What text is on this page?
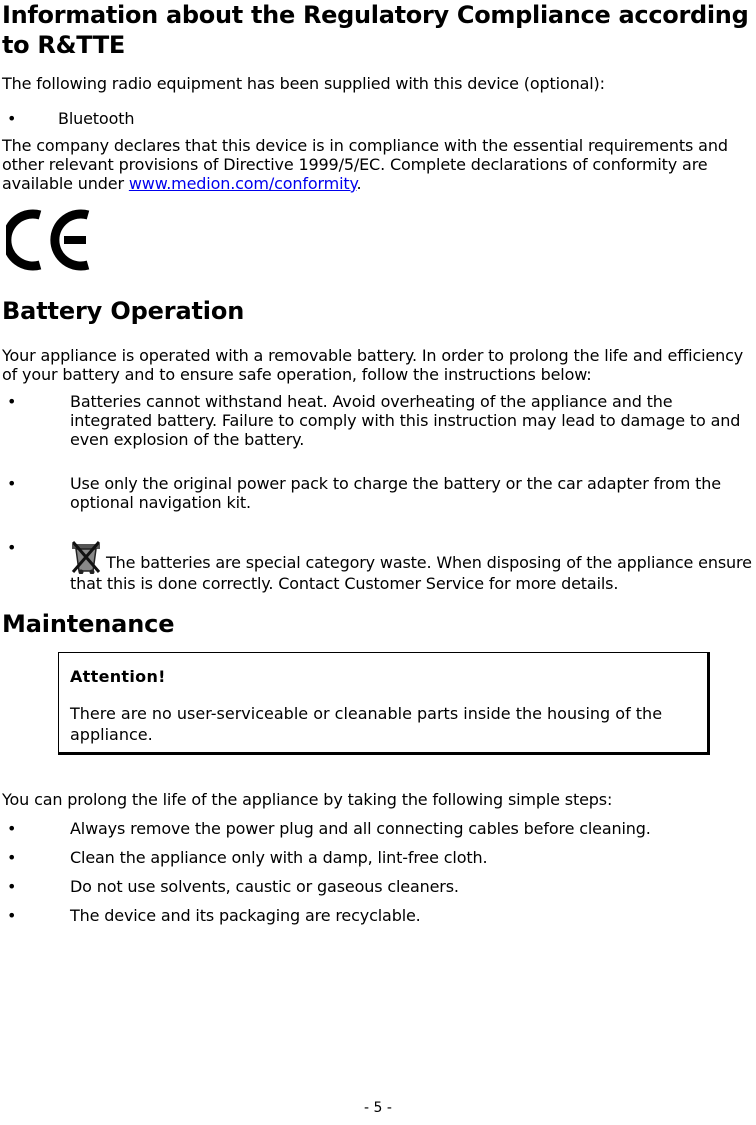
Information about the Regulatory Compliance according to R&TTE

The following radio equipment has been supplied with this device (optional):

•	Bluetooth

The company declares that this device is in compliance with the essential requirements and other relevant provisions of Directive 1999/5/EC. Complete declarations of conformity are available under www.medion.com/conformity.

Battery Operation

Your appliance is operated with a removable battery. In order to prolong the life and efficiency of your battery and to ensure safe operation, follow the instructions below:

•	Batteries cannot withstand heat. Avoid overheating of the appliance and the integrated battery. Failure to comply with this instruction may lead to damage to and even explosion of the battery.
•	Use only the original power pack to charge the battery or the car adapter from the optional navigation kit.
•
The batteries are special category waste. When disposing of the appliance ensure that this is done correctly. Contact Customer Service for more details.
Maintenance
Attention!
There are no user-serviceable or cleanable parts inside the housing of the appliance.

You can prolong the life of the appliance by taking the following simple steps:

•	Always remove the power plug and all connecting cables before cleaning.
•	Clean the appliance only with a damp, lint-free cloth.
•	Do not use solvents, caustic or gaseous cleaners.
•	The device and its packaging are recyclable.
- 5 -
